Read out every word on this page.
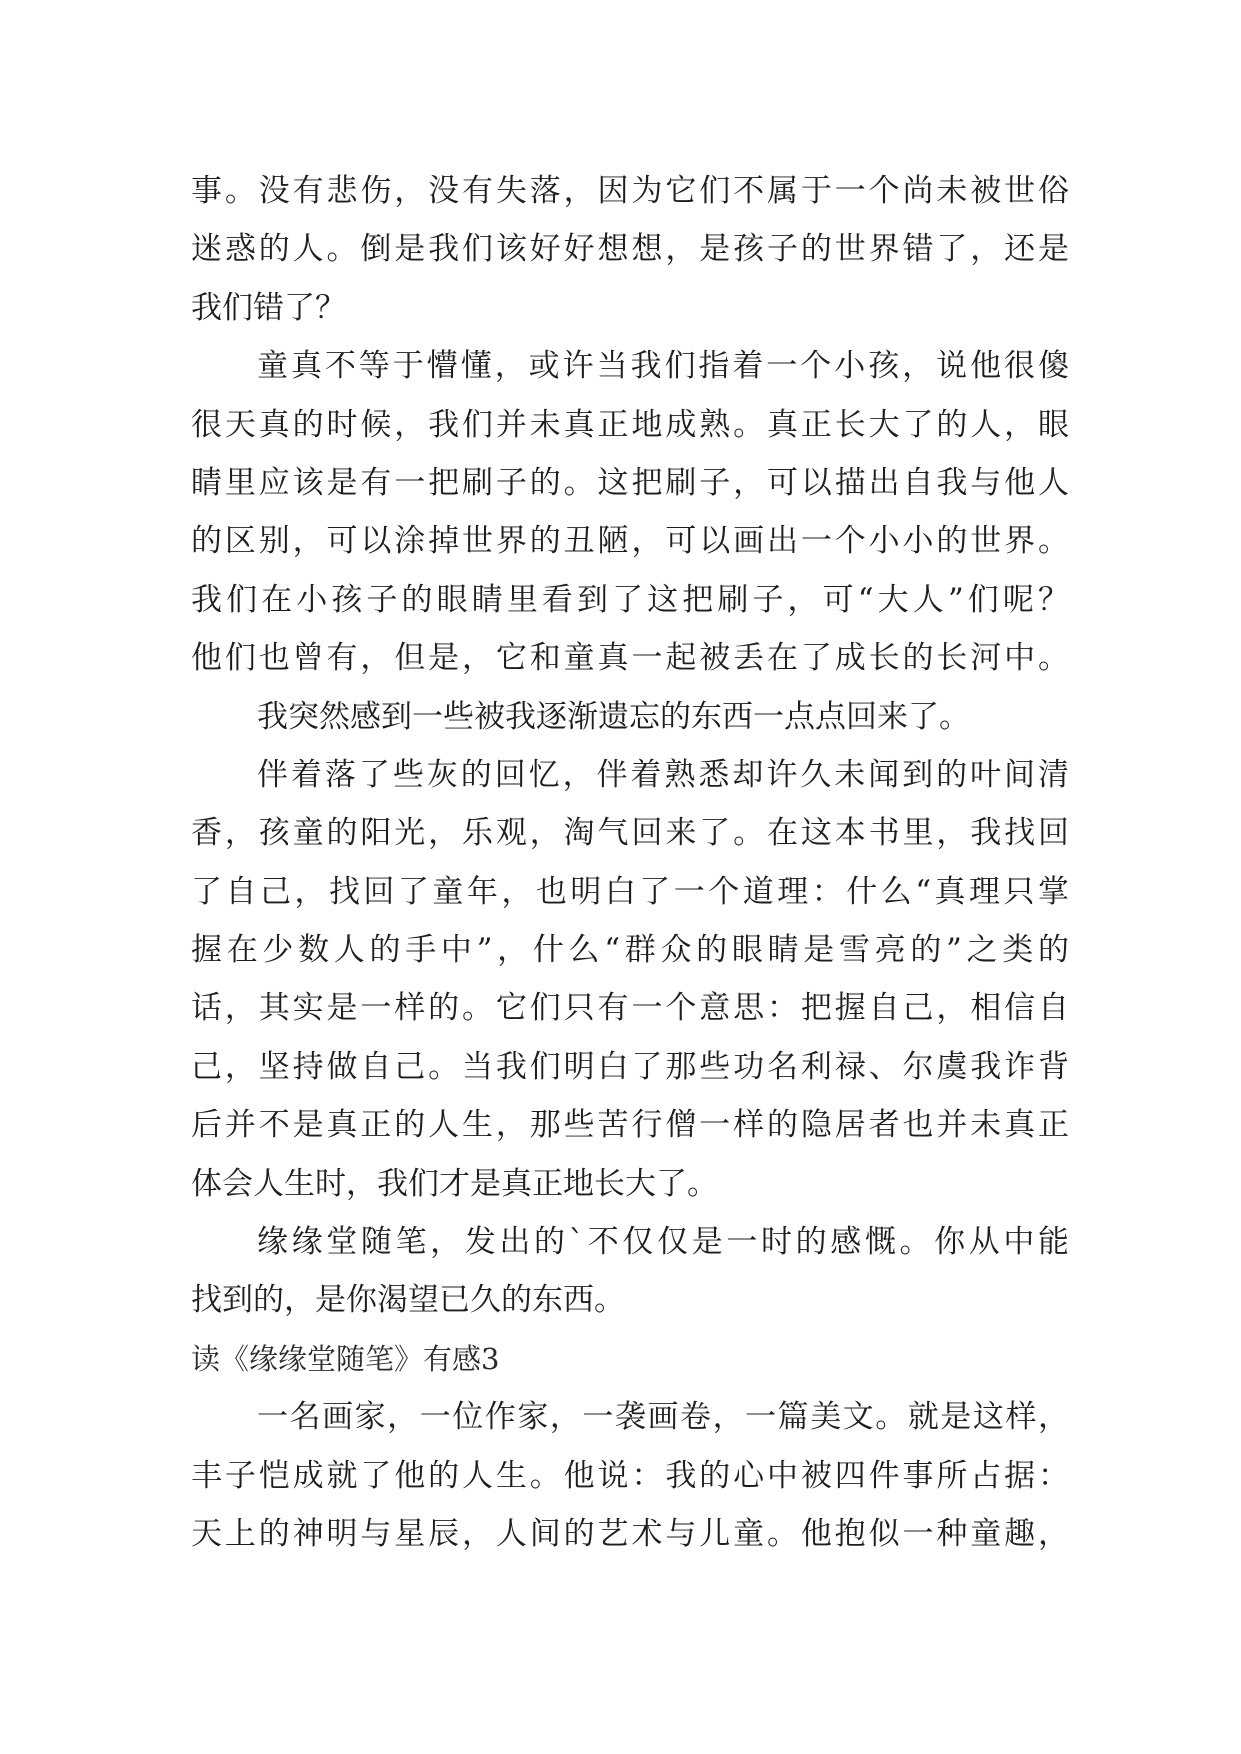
事。没有悲伤，没有失落，因为它们不属于一个尚未被世俗
迷惑的人。倒是我们该好好想想，是孩子的世界错了，还是
我们错了？
童真不等于懵懂，或许当我们指着一个小孩，说他很傻
很天真的时候，我们并未真正地成熟。真正长大了的人，眼
睛里应该是有一把刷子的。这把刷子，可以描出自我与他人
的区别，可以涂掉世界的丑陋，可以画出一个小小的世界。
我们在小孩子的眼睛里看到了这把刷子，可“大人”们呢？
他们也曾有，但是，它和童真一起被丢在了成长的长河中。
我突然感到一些被我逐渐遗忘的东西一点点回来了。
伴着落了些灰的回忆，伴着熟悉却许久未闻到的叶间清
香，孩童的阳光，乐观，淘气回来了。在这本书里，我找回
了自己，找回了童年，也明白了一个道理：什么“真理只掌
握在少数人的手中”，什么“群众的眼睛是雪亮的”之类的
话，其实是一样的。它们只有一个意思：把握自己，相信自
己，坚持做自己。当我们明白了那些功名利禄、尔虞我诈背
后并不是真正的人生，那些苦行僧一样的隐居者也并未真正
体会人生时，我们才是真正地长大了。
缘缘堂随笔，发出的`不仅仅是一时的感慨。你从中能
找到的，是你渴望已久的东西。
读《缘缘堂随笔》有感3
一名画家，一位作家，一袭画卷，一篇美文。就是这样，
丰子恺成就了他的人生。他说：我的心中被四件事所占据：
天上的神明与星辰，人间的艺术与儿童。他抱似一种童趣，
